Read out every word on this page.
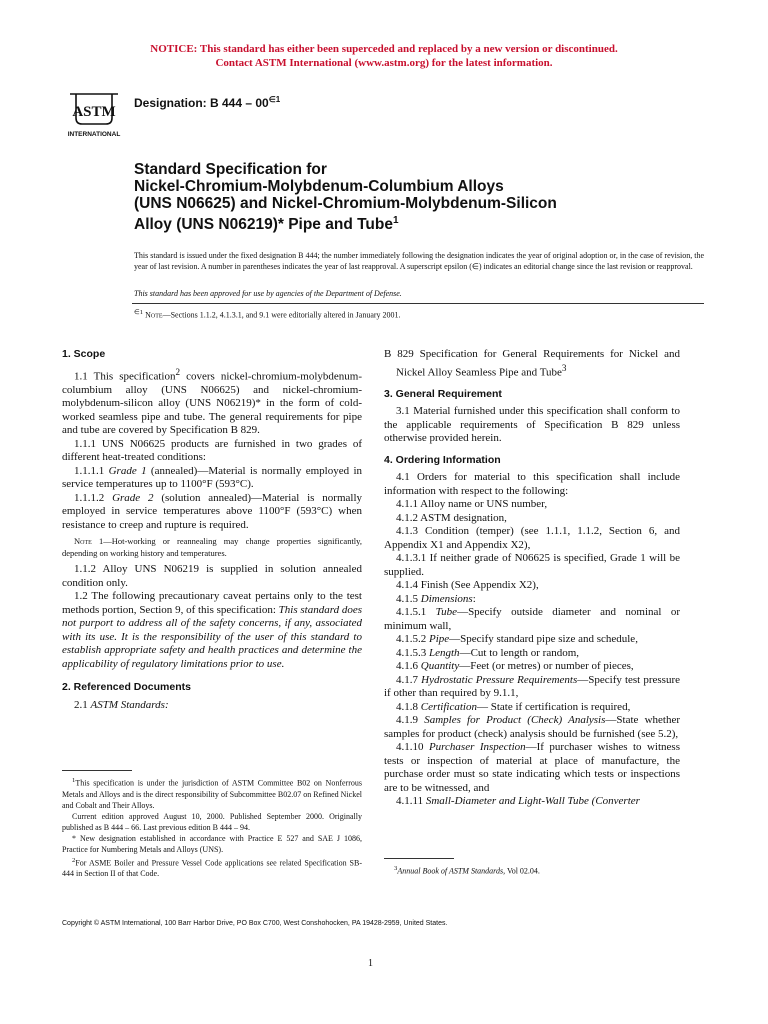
NOTICE: This standard has either been superceded and replaced by a new version or discontinued.
Contact ASTM International (www.astm.org) for the latest information.
ASTM
INTERNATIONAL
Designation: B $444 - 00^{\in 1}$
Standard Specification for
Nickel-Chromium-Molybdenum-Columbium Alloys
(UNS N06625) and Nickel-Chromium-Molybdenum-Silicon
Alloy (UNS N06219)* Pipe and Tube$^1$
This standard is issued under the fixed designation B 444; the number immediately following the designation indicates the year of original adoption or, in the case of revision, the year of last revision. A number in parentheses indicates the year of last reapproval. A superscript epsilon (∈) indicates an editorial change since the last revision or reapproval.
This standard has been approved for use by agencies of the Department of Defense.
$^{\in 1}$ Note—Sections 1.1.2, 4.1.3.1, and 9.1 were editorially altered in January 2001.

1. Scope

1.1 This specification$^2$ covers nickel-chromium-molybdenum-columbium alloy (UNS N06625) and nickel-chromium-molybdenum-silicon alloy (UNS N06219)* in the form of cold-worked seamless pipe and tube. The general requirements for pipe and tube are covered by Specification B 829.

1.1.1 UNS N06625 products are furnished in two grades of different heat-treated conditions:

1.1.1.1 Grade 1 (annealed)—Material is normally employed in service temperatures up to 1100°F (593°C).

1.1.1.2 Grade 2 (solution annealed)—Material is normally employed in service temperatures above 1100°F (593°C) when resistance to creep and rupture is required.

Note 1—Hot-working or reannealing may change properties significantly, depending on working history and temperatures.

1.1.2 Alloy UNS N06219 is supplied in solution annealed condition only.

1.2 The following precautionary caveat pertains only to the test methods portion, Section 9, of this specification: This standard does not purport to address all of the safety concerns, if any, associated with its use. It is the responsibility of the user of this standard to establish appropriate safety and health practices and determine the applicability of regulatory limitations prior to use.

2. Referenced Documents

2.1 ASTM Standards:

$^1$This specification is under the jurisdiction of ASTM Committee B02 on Nonferrous Metals and Alloys and is the direct responsibility of Subcommittee B02.07 on Refined Nickel and Cobalt and Their Alloys.

Current edition approved August 10, 2000. Published September 2000. Originally published as B 444 – 66. Last previous edition B 444 – 94.

* New designation established in accordance with Practice E 527 and SAE J 1086, Practice for Numbering Metals and Alloys (UNS).

$^2$For ASME Boiler and Pressure Vessel Code applications see related Specification SB-444 in Section II of that Code.

B 829 Specification for General Requirements for Nickel and Nickel Alloy Seamless Pipe and Tube$^3$

3. General Requirement

3.1 Material furnished under this specification shall conform to the applicable requirements of Specification B 829 unless otherwise provided herein.

4. Ordering Information

4.1 Orders for material to this specification shall include information with respect to the following:

4.1.1 Alloy name or UNS number,

4.1.2 ASTM designation,

4.1.3 Condition (temper) (see 1.1.1, 1.1.2, Section 6, and Appendix X1 and Appendix X2),

4.1.3.1 If neither grade of N06625 is specified, Grade 1 will be supplied.

4.1.4 Finish (See Appendix X2),

4.1.5 Dimensions:

4.1.5.1 Tube—Specify outside diameter and nominal or minimum wall,

4.1.5.2 Pipe—Specify standard pipe size and schedule,

4.1.5.3 Length—Cut to length or random,

4.1.6 Quantity—Feet (or metres) or number of pieces,

4.1.7 Hydrostatic Pressure Requirements—Specify test pressure if other than required by 9.1.1,

4.1.8 Certification— State if certification is required,

4.1.9 Samples for Product (Check) Analysis—State whether samples for product (check) analysis should be furnished (see 5.2),

4.1.10 Purchaser Inspection—If purchaser wishes to witness tests or inspection of material at place of manufacture, the purchase order must so state indicating which tests or inspections are to be witnessed, and

4.1.11 Small-Diameter and Light-Wall Tube (Converter

$^3$Annual Book of ASTM Standards, Vol 02.04.

Copyright © ASTM International, 100 Barr Harbor Drive, PO Box C700, West Conshohocken, PA 19428-2959, United States.
1
